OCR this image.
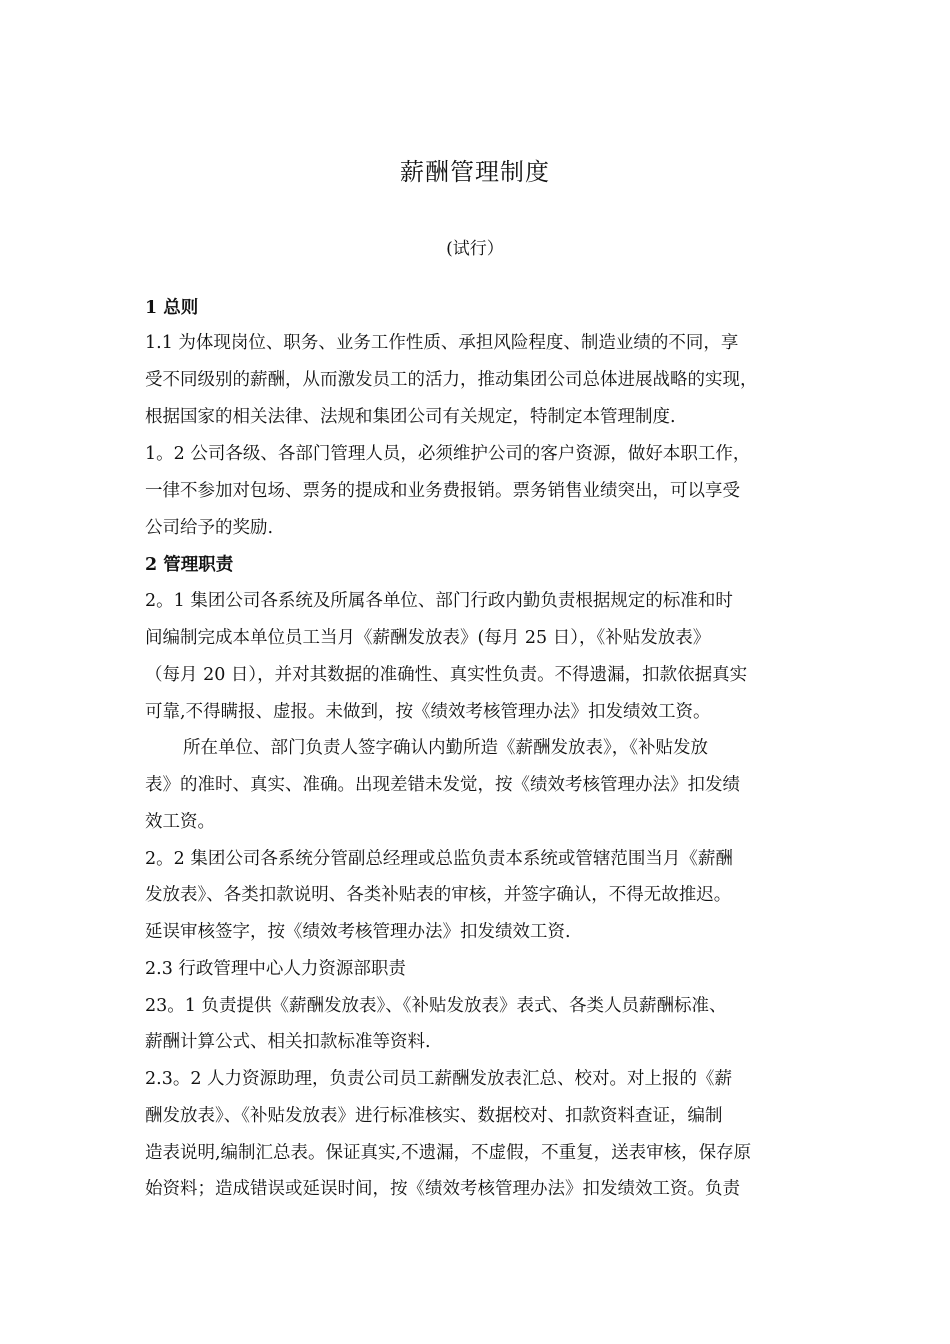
薪酬管理制度
(试行）
1 总则
1.1 为体现岗位、职务、业务工作性质、承担风险程度、制造业绩的不同，享
受不同级别的薪酬，从而激发员工的活力，推动集团公司总体进展战略的实现，
根据国家的相关法律、法规和集团公司有关规定，特制定本管理制度.
1。2 公司各级、各部门管理人员，必须维护公司的客户资源，做好本职工作，
一律不参加对包场、票务的提成和业务费报销。票务销售业绩突出，可以享受
公司给予的奖励.
2 管理职责
2。1 集团公司各系统及所属各单位、部门行政内勤负责根据规定的标准和时
间编制完成本单位员工当月《薪酬发放表》(每月 25 日），《补贴发放表》
（每月 20 日），并对其数据的准确性、真实性负责。不得遗漏，扣款依据真实
可靠,不得瞒报、虚报。未做到，按《绩效考核管理办法》扣发绩效工资。
所在单位、部门负责人签字确认内勤所造《薪酬发放表》，《补贴发放
表》的准时、真实、准确。出现差错未发觉，按《绩效考核管理办法》扣发绩
效工资。
2。2 集团公司各系统分管副总经理或总监负责本系统或管辖范围当月《薪酬
发放表》、各类扣款说明、各类补贴表的审核，并签字确认，不得无故推迟。
延误审核签字，按《绩效考核管理办法》扣发绩效工资.
2.3 行政管理中心人力资源部职责
23。1 负责提供《薪酬发放表》、《补贴发放表》表式、各类人员薪酬标准、
薪酬计算公式、相关扣款标准等资料.
2.3。2 人力资源助理，负责公司员工薪酬发放表汇总、校对。对上报的《薪
酬发放表》、《补贴发放表》进行标准核实、数据校对、扣款资料查证，编制
造表说明,编制汇总表。保证真实,不遗漏，不虚假，不重复，送表审核，保存原
始资料；造成错误或延误时间，按《绩效考核管理办法》扣发绩效工资。负责
